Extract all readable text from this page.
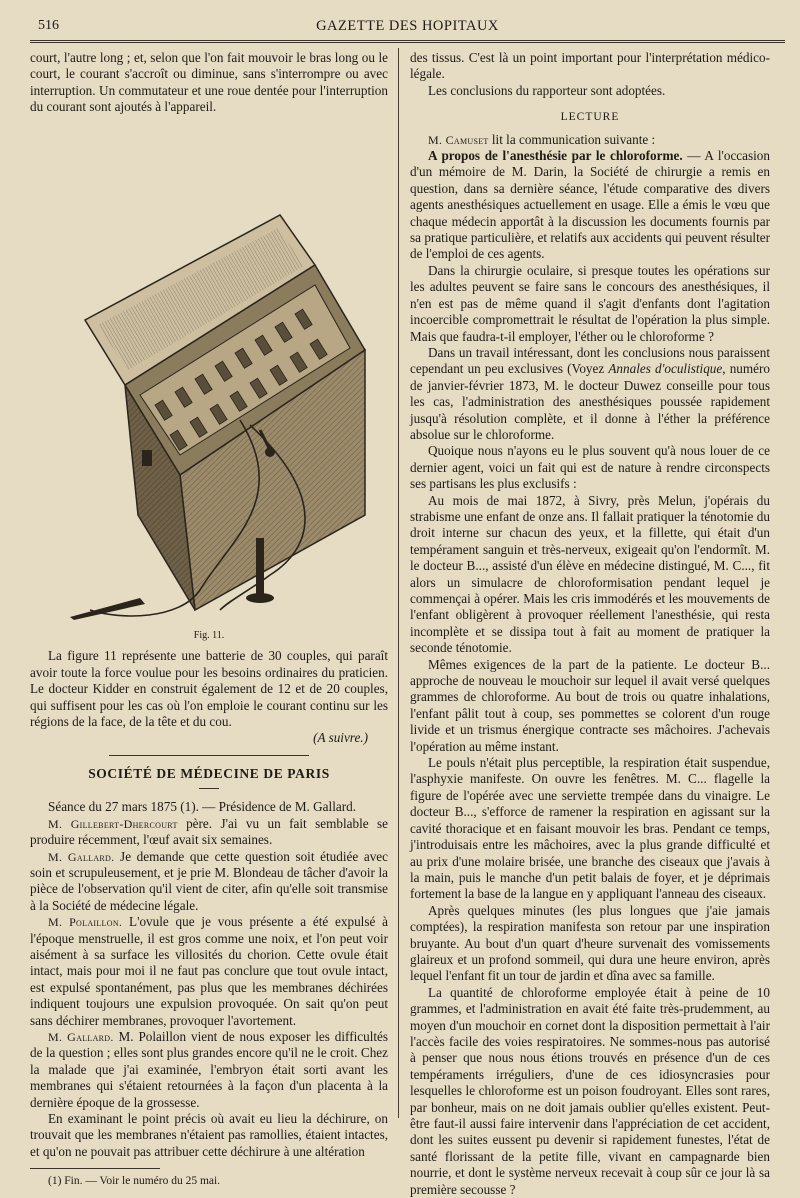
516	GAZETTE DES HOPITAUX

court, l'autre long ; et, selon que l'on fait mouvoir le bras long ou le court, le courant s'accroît ou diminue, sans s'interrompre ou avec interruption. Un commutateur et une roue dentée pour l'interruption du courant sont ajoutés à l'appareil.

Fig. 11.

La figure 11 représente une batterie de 30 couples, qui paraît avoir toute la force voulue pour les besoins ordinaires du praticien. Le docteur Kidder en construit également de 12 et de 20 couples, qui suffisent pour les cas où l'on emploie le courant continu sur les régions de la face, de la tête et du cou.

(A suivre.)
SOCIÉTÉ DE MÉDECINE DE PARIS

Séance du 27 mars 1875 (1). — Présidence de M. Gallard.

M. Gillebert-Dhercourt père. J'ai vu un fait semblable se produire récemment, l'œuf avait six semaines.

M. Gallard. Je demande que cette question soit étudiée avec soin et scrupuleusement, et je prie M. Blondeau de tâcher d'avoir la pièce de l'observation qu'il vient de citer, afin qu'elle soit transmise à la Société de médecine légale.

M. Polaillon. L'ovule que je vous présente a été expulsé à l'époque menstruelle, il est gros comme une noix, et l'on peut voir aisément à sa surface les villosités du chorion. Cette ovule était intact, mais pour moi il ne faut pas conclure que tout ovule intact, est expulsé spontanément, pas plus que les membranes déchirées indiquent toujours une expulsion provoquée. On sait qu'on peut sans déchirer membranes, provoquer l'avortement.

M. Gallard. M. Polaillon vient de nous exposer les difficultés de la question ; elles sont plus grandes encore qu'il ne le croit. Chez la malade que j'ai examinée, l'embryon était sorti avant les membranes qui s'étaient retournées à la façon d'un placenta à la dernière époque de la grossesse.

En examinant le point précis où avait eu lieu la déchirure, on trouvait que les membranes n'étaient pas ramollies, étaient intactes, et qu'on ne pouvait pas attribuer cette déchirure à une altération

(1) Fin. — Voir le numéro du 25 mai.

des tissus. C'est là un point important pour l'interprétation médico-légale.

Les conclusions du rapporteur sont adoptées.

LECTURE

M. Camuset lit la communication suivante :

A propos de l'anesthésie par le chloroforme. — A l'occasion d'un mémoire de M. Darin, la Société de chirurgie a remis en question, dans sa dernière séance, l'étude comparative des divers agents anesthésiques actuellement en usage. Elle a émis le vœu que chaque médecin apportât à la discussion les documents fournis par sa pratique particulière, et relatifs aux accidents qui peuvent résulter de l'emploi de ces agents.

Dans la chirurgie oculaire, si presque toutes les opérations sur les adultes peuvent se faire sans le concours des anesthésiques, il n'en est pas de même quand il s'agit d'enfants dont l'agitation incoercible compromettrait le résultat de l'opération la plus simple. Mais que faudra-t-il employer, l'éther ou le chloroforme ?

Dans un travail intéressant, dont les conclusions nous paraissent cependant un peu exclusives (Voyez Annales d'oculistique, numéro de janvier-février 1873, M. le docteur Duwez conseille pour tous les cas, l'administration des anesthésiques poussée rapidement jusqu'à résolution complète, et il donne à l'éther la préférence absolue sur le chloroforme.

Quoique nous n'ayons eu le plus souvent qu'à nous louer de ce dernier agent, voici un fait qui est de nature à rendre circonspects ses partisans les plus exclusifs :

Au mois de mai 1872, à Sivry, près Melun, j'opérais du strabisme une enfant de onze ans. Il fallait pratiquer la ténotomie du droit interne sur chacun des yeux, et la fillette, qui était d'un tempérament sanguin et très-nerveux, exigeait qu'on l'endormît. M. le docteur B..., assisté d'un élève en médecine distingué, M. C..., fit alors un simulacre de chloroformisation pendant lequel je commençai à opérer. Mais les cris immodérés et les mouvements de l'enfant obligèrent à provoquer réellement l'anesthésie, qui resta incomplète et se dissipa tout à fait au moment de pratiquer la seconde ténotomie.

Mêmes exigences de la part de la patiente. Le docteur B... approche de nouveau le mouchoir sur lequel il avait versé quelques grammes de chloroforme. Au bout de trois ou quatre inhalations, l'enfant pâlit tout à coup, ses pommettes se colorent d'un rouge livide et un trismus énergique contracte ses mâchoires. J'achevais l'opération au même instant.

Le pouls n'était plus perceptible, la respiration était suspendue, l'asphyxie manifeste. On ouvre les fenêtres. M. C... flagelle la figure de l'opérée avec une serviette trempée dans du vinaigre. Le docteur B..., s'efforce de ramener la respiration en agissant sur la cavité thoracique et en faisant mouvoir les bras. Pendant ce temps, j'introduisais entre les mâchoires, avec la plus grande difficulté et au prix d'une molaire brisée, une branche des ciseaux que j'avais à la main, puis le manche d'un petit balais de foyer, et je déprimais fortement la base de la langue en y appliquant l'anneau des ciseaux.

Après quelques minutes (les plus longues que j'aie jamais comptées), la respiration manifesta son retour par une inspiration bruyante. Au bout d'un quart d'heure survenait des vomissements glaireux et un profond sommeil, qui dura une heure environ, après lequel l'enfant fit un tour de jardin et dîna avec sa famille.

La quantité de chloroforme employée était à peine de 10 grammes, et l'administration en avait été faite très-prudemment, au moyen d'un mouchoir en cornet dont la disposition permettait à l'air l'accès facile des voies respiratoires. Ne sommes-nous pas autorisé à penser que nous nous étions trouvés en présence d'un de ces tempéraments irréguliers, d'une de ces idiosyncrasies pour lesquelles le chloroforme est un poison foudroyant. Elles sont rares, par bonheur, mais on ne doit jamais oublier qu'elles existent. Peut-être faut-il aussi faire intervenir dans l'appréciation de cet accident, dont les suites eussent pu devenir si rapidement funestes, l'état de santé florissant de la petite fille, vivant en campagnarde bien nourrie, et dont le système nerveux recevait à coup sûr ce jour là sa première secousse ?
